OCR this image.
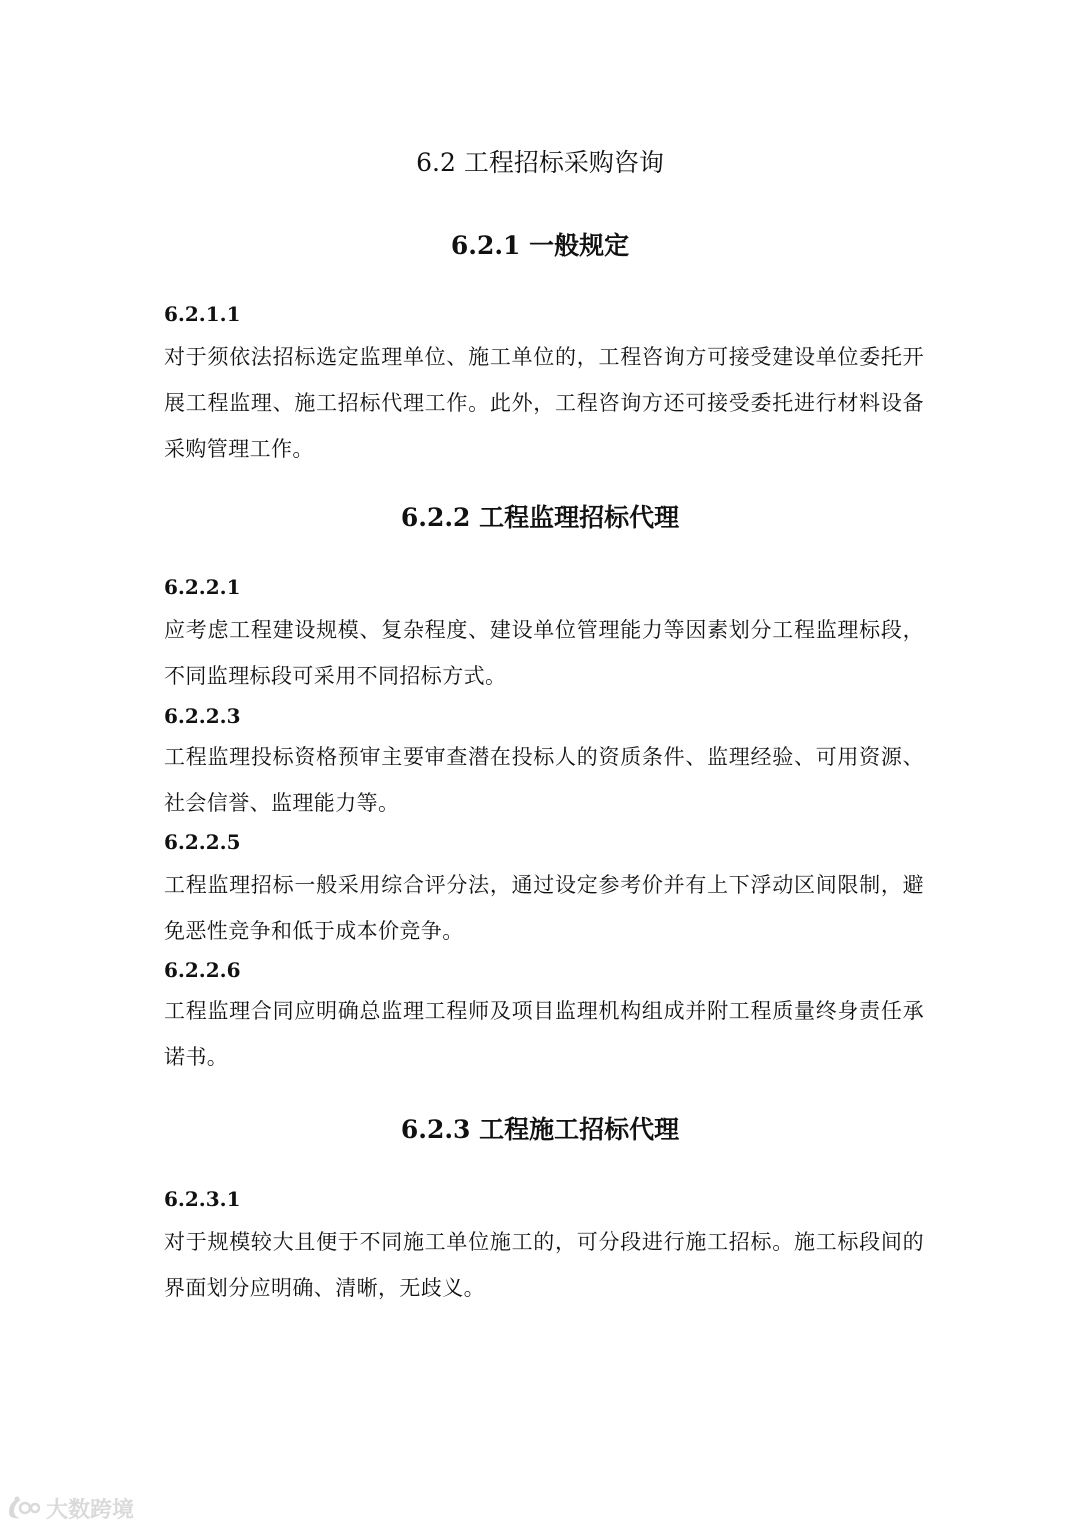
6.2 工程招标采购咨询
6.2.1 一般规定
6.2.1.1
对于须依法招标选定监理单位、施工单位的，工程咨询方可接受建设单位委托开展工程监理、施工招标代理工作。此外，工程咨询方还可接受委托进行材料设备采购管理工作。
6.2.2 工程监理招标代理
6.2.2.1
应考虑工程建设规模、复杂程度、建设单位管理能力等因素划分工程监理标段，不同监理标段可采用不同招标方式。
6.2.2.3
工程监理投标资格预审主要审查潜在投标人的资质条件、监理经验、可用资源、社会信誉、监理能力等。
6.2.2.5
工程监理招标一般采用综合评分法，通过设定参考价并有上下浮动区间限制，避免恶性竞争和低于成本价竞争。
6.2.2.6
工程监理合同应明确总监理工程师及项目监理机构组成并附工程质量终身责任承诺书。
6.2.3 工程施工招标代理
6.2.3.1
对于规模较大且便于不同施工单位施工的，可分段进行施工招标。施工标段间的界面划分应明确、清晰，无歧义。
大数跨境
